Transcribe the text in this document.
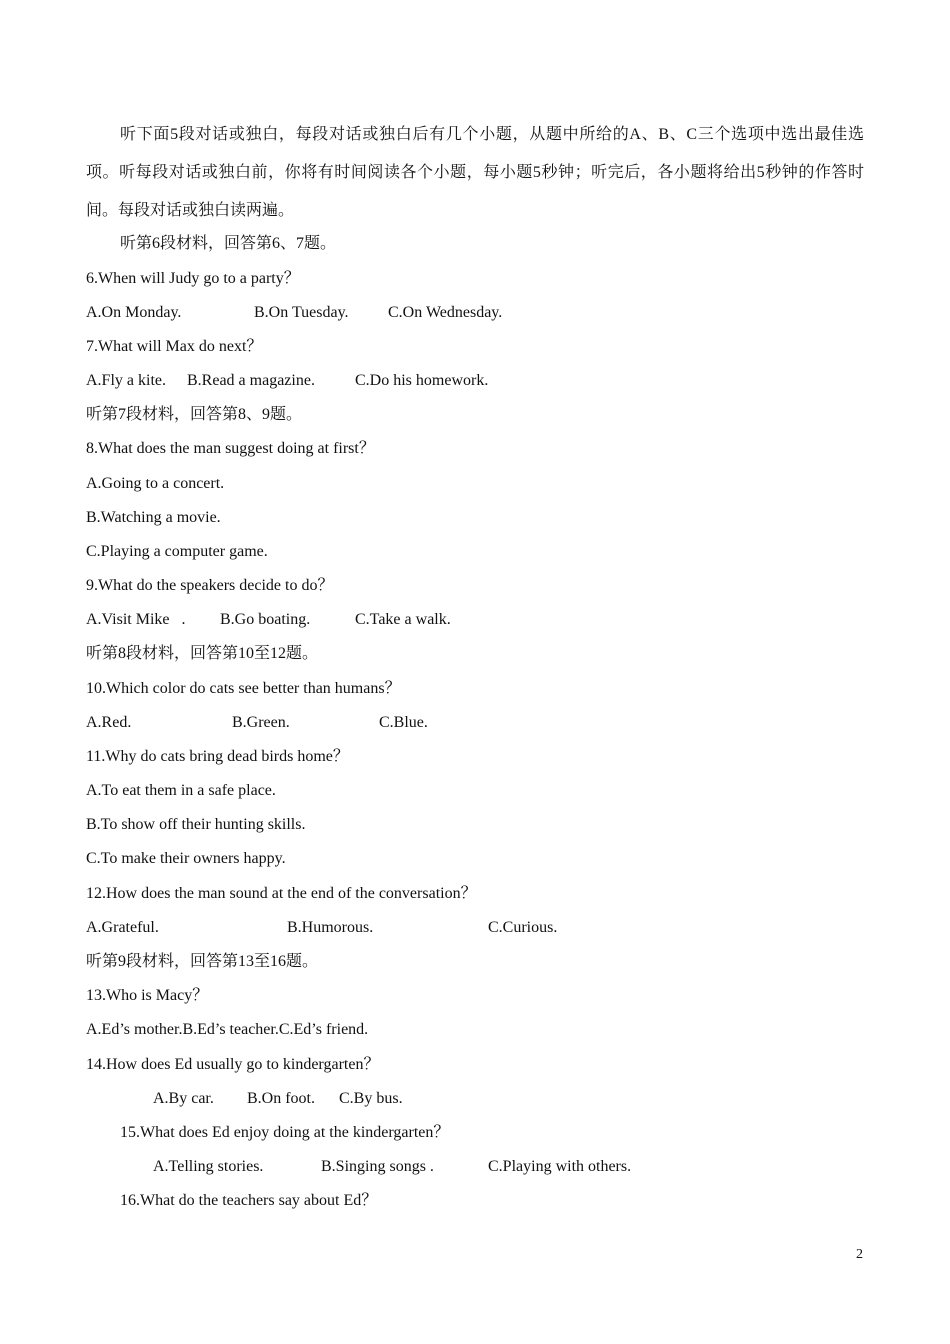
听下面5段对话或独白，每段对话或独白后有几个小题，从题中所给的A、B、C三个选项中选出最佳选项。听每段对话或独白前，你将有时间阅读各个小题，每小题5秒钟；听完后，各小题将给出5秒钟的作答时间。每段对话或独白读两遍。
听第6段材料，回答第6、7题。
6.When will Judy go to a party？
A.On Monday.	B.On Tuesday. C.On Wednesday.
7.What will Max do next？
A.Fly a kite. B.Read a magazine.	C.Do his homework.
听第7段材料，回答第8、9题。
8.What does the man suggest doing at first？
A.Going to a concert.
B.Watching a movie.
C.Playing a computer game.
9.What do the speakers decide to do？
A.Visit Mike   . B.Go boating.	C.Take a walk.
听第8段材料，回答第10至12题。
10.Which color do cats see better than humans？
A.Red.	B.Green.	C.Blue.
11.Why do cats bring dead birds home？
A.To eat them in a safe place.
B.To show off their hunting skills.
C.To make their owners happy.
12.How does the man sound at the end of the conversation？
A.Grateful.	B.Humorous.	C.Curious.
听第9段材料，回答第13至16题。
13.Who is Macy？
A.Ed’s mother.B.Ed’s teacher.C.Ed’s friend.
14.How does Ed usually go to kindergarten？
A.By car. B.On foot. C.By bus.
15.What does Ed enjoy doing at the kindergarten？
A.Telling stories.	B.Singing songs .	C.Playing with others.
16.What do the teachers say about Ed？
2
